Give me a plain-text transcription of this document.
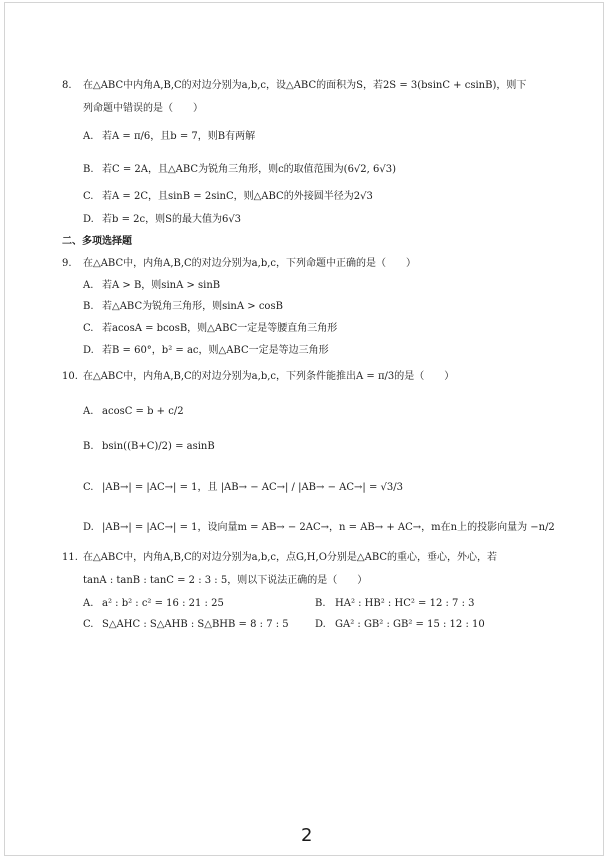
8. 在△ABC中内角A,B,C的对边分别为a,b,c，设△ABC的面积为S，若2S = 3(bsinC + csinB)，则下
列命题中错误的是（　　）
A. 若A = π/6，且b = 7，则B有两解
B. 若C = 2A，且△ABC为锐角三角形，则c的取值范围为(6√2, 6√3)
C. 若A = 2C，且sinB = 2sinC，则△ABC的外接圆半径为2√3
D. 若b = 2c，则S的最大值为6√3
二、多项选择题
9. 在△ABC中，内角A,B,C的对边分别为a,b,c，下列命题中正确的是（　　）
A. 若A > B，则sinA > sinB
B. 若△ABC为锐角三角形，则sinA > cosB
C. 若acosA = bcosB，则△ABC一定是等腰直角三角形
D. 若B = 60°，b² = ac，则△ABC一定是等边三角形
10. 在△ABC中，内角A,B,C的对边分别为a,b,c，下列条件能推出A = π/3的是（　　）
A. acosC = b + c/2
B. bsin((B+C)/2) = asinB
C. |AB→| = |AC→| = 1，且 |AB→ − AC→| / |AB→ − AC→| = √3/3
D. |AB→| = |AC→| = 1，设向量m = AB→ − 2AC→，n = AB→ + AC→，m在n上的投影向量为 −n/2
11. 在△ABC中，内角A,B,C的对边分别为a,b,c，点G,H,O分别是△ABC的重心，垂心，外心，若
tanA : tanB : tanC = 2 : 3 : 5，则以下说法正确的是（　　）
A. a² : b² : c² = 16 : 21 : 25	B. HA² : HB² : HC² = 12 : 7 : 3
C. S△AHC : S△AHB : S△BHB = 8 : 7 : 5	D. GA² : GB² : GB² = 15 : 12 : 10
2
